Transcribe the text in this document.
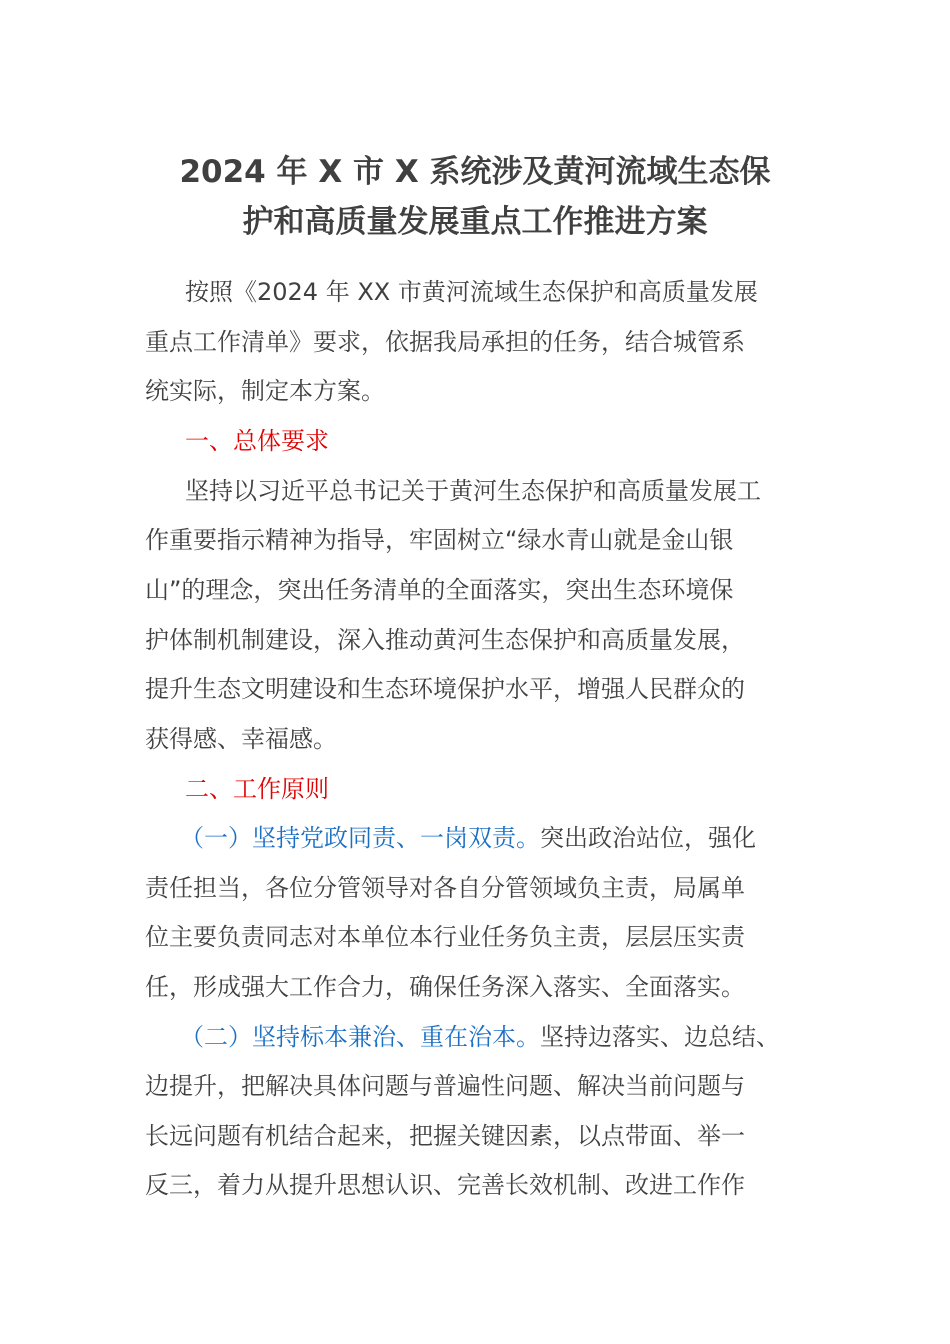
2024 年 X 市 X 系统涉及黄河流域生态保
护和高质量发展重点工作推进方案
按照《2024 年 XX 市黄河流域生态保护和高质量发展
重点工作清单》要求，依据我局承担的任务，结合城管系
统实际，制定本方案。
一、总体要求
坚持以习近平总书记关于黄河生态保护和高质量发展工
作重要指示精神为指导，牢固树立“绿水青山就是金山银
山”的理念，突出任务清单的全面落实，突出生态环境保
护体制机制建设，深入推动黄河生态保护和高质量发展，
提升生态文明建设和生态环境保护水平，增强人民群众的
获得感、幸福感。
二、工作原则
（一）坚持党政同责、一岗双责。突出政治站位，强化
责任担当，各位分管领导对各自分管领域负主责，局属单
位主要负责同志对本单位本行业任务负主责，层层压实责
任，形成强大工作合力，确保任务深入落实、全面落实。
（二）坚持标本兼治、重在治本。坚持边落实、边总结、
边提升，把解决具体问题与普遍性问题、解决当前问题与
长远问题有机结合起来，把握关键因素，以点带面、举一
反三，着力从提升思想认识、完善长效机制、改进工作作
